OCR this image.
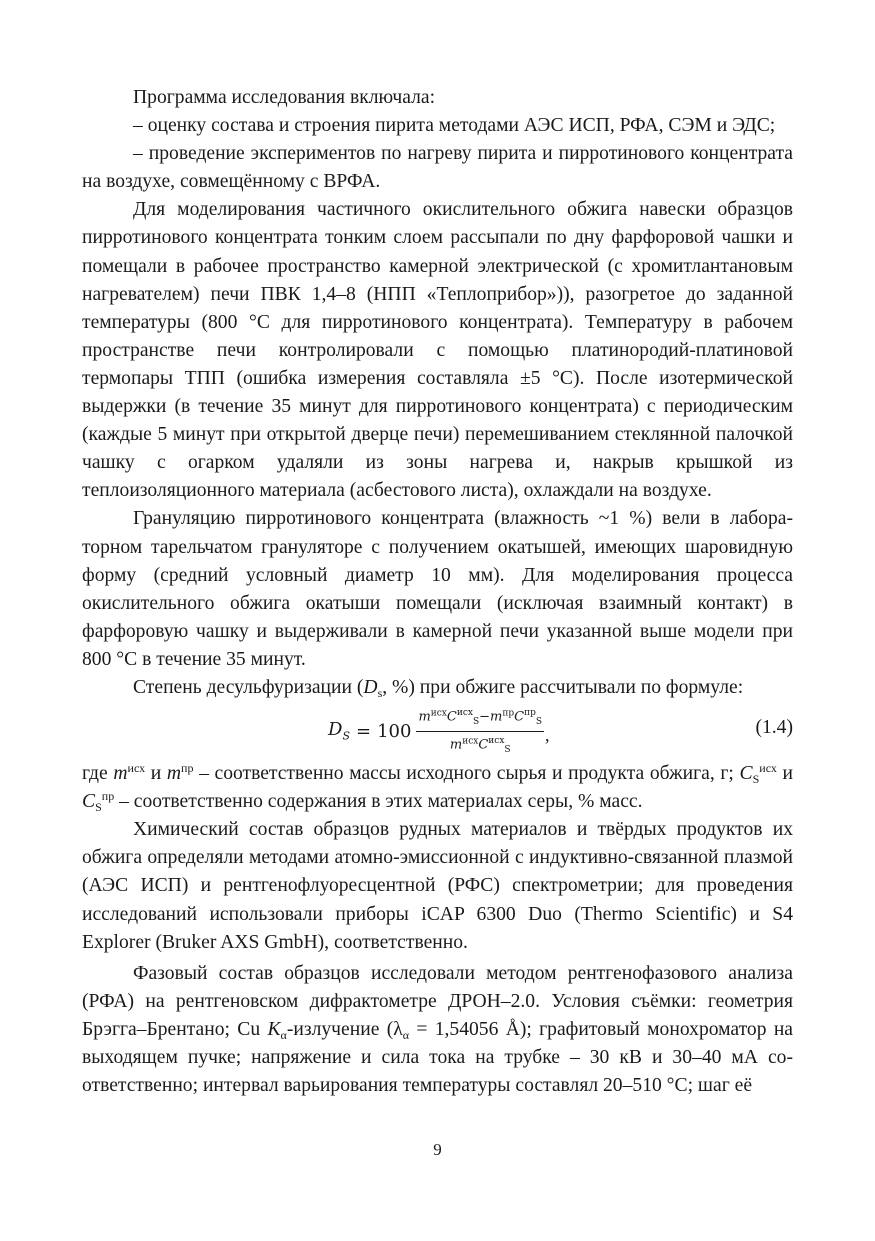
Программа исследования включала:

– оценку состава и строения пирита методами АЭС ИСП, РФА, СЭМ и ЭДС;

– проведение экспериментов по нагреву пирита и пирротинового концентрата на воздухе, совмещённому с ВРФА.

Для моделирования частичного окислительного обжига навески образцов пирротинового концентрата тонким слоем рассыпали по дну фарфоровой чашки и помещали в рабочее пространство камерной электрической (с хромитлантановым нагревателем) печи ПВК 1,4–8 (НПП «Теплоприбор»)), разогретое до заданной температуры (800 °С для пирротинового концентрата). Температуру в рабочем пространстве печи контролировали с помощью платинородий-платиновой термопары ТПП (ошибка измерения составляла ±5 °С). После изотермической выдержки (в течение 35 минут для пирротинового концентрата) с периодическим (каждые 5 минут при открытой дверце печи) перемешиванием стеклянной палочкой чашку с огарком удаляли из зоны нагрева и, накрыв крышкой из теплоизоляционного материала (асбестового листа), охлаждали на воздухе.

Грануляцию пирротинового концентрата (влажность ~1 %) вели в лабораторном тарельчатом грануляторе с получением окатышей, имеющих шаровидную форму (средний условный диаметр 10 мм). Для моделирования процесса окислительного обжига окатыши помещали (исключая взаимный контакт) в фарфоровую чашку и выдерживали в камерной печи указанной выше модели при 800 °С в течение 35 минут.

Степень десульфуризации ($D_s$, %) при обжиге рассчитывали по формуле:

$D_S = 100 \frac{m^{исх}C^{исх}_S-m^{пр}C^{пр}_S}{m^{исх}C^{исх}_S}$ ,	(1.4)

где $m^{исх}$ и $m^{пр}$ – соответственно массы исходного сырья и продукта обжига, г; $C_S^{исх}$ и $C_S^{пр}$ – соответственно содержания в этих материалах серы, % масс.

Химический состав образцов рудных материалов и твёрдых продуктов их обжига определяли методами атомно-эмиссионной с индуктивно-связанной плазмой (АЭС ИСП) и рентгенофлуоресцентной (РФС) спектрометрии; для проведения исследований использовали приборы iCAP 6300 Duo (Thermo Scientific) и S4 Explorer (Bruker AXS GmbH), соответственно.

Фазовый состав образцов исследовали методом рентгенофазового анализа (РФА) на рентгеновском дифрактометре ДРОН–2.0. Условия съёмки: геометрия Брэгга–Брентано; Cu $K_\alpha$-излучение ($\lambda_\alpha = 1,54056$ Å); графитовый монохроматор на выходящем пучке; напряжение и сила тока на трубке – 30 кВ и 30–40 мА соответственно; интервал варьирования температуры составлял 20–510 °С; шаг её

9
